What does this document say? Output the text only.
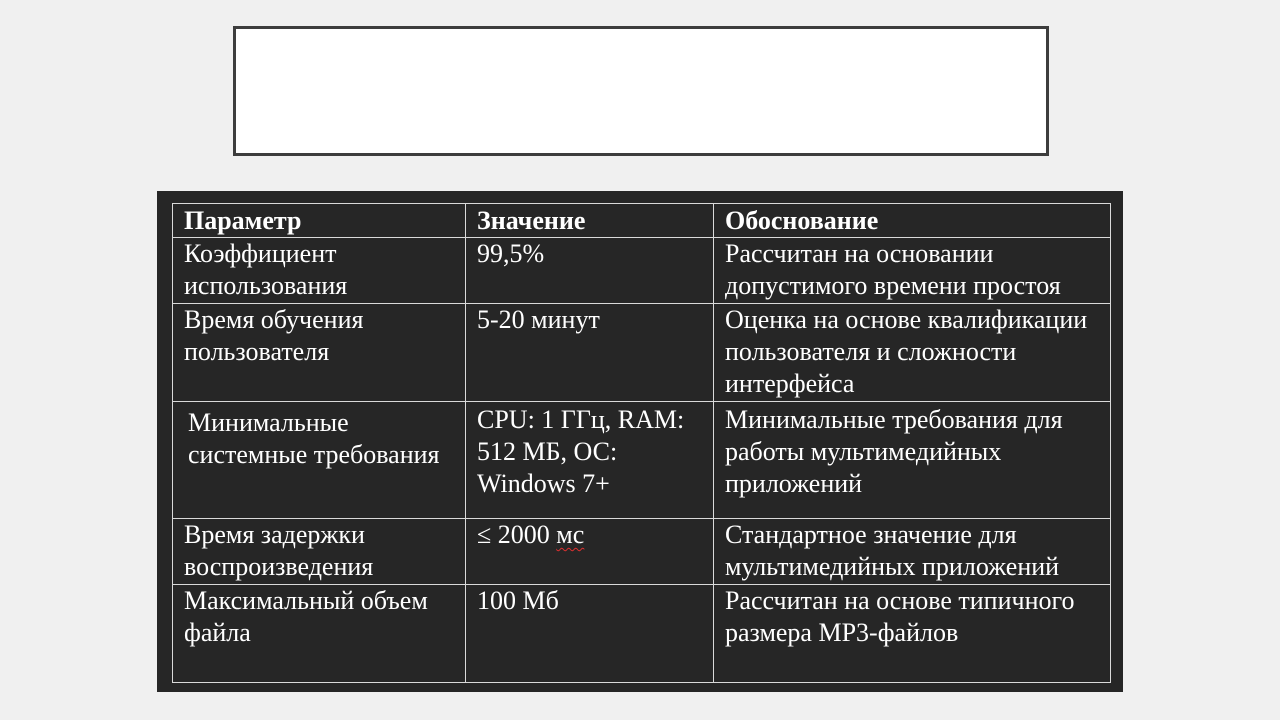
Параметр	Значение	Обоснование
Коэффициент использования	99,5%	Рассчитан на основании допустимого времени простоя
Время обучения пользователя	5-20 минут	Оценка на основе квалификации пользователя и сложности интерфейса
Минимальные системные требования	CPU: 1 ГГц, RAM: 512 МБ, ОС: Windows 7+	Минимальные требования для работы мультимедийных приложений
Время задержки воспроизведения	≤ 2000 мс	Стандартное значение для мультимедийных приложений
Максимальный объем файла	100 Мб	Рассчитан на основе типичного размера MP3-файлов
